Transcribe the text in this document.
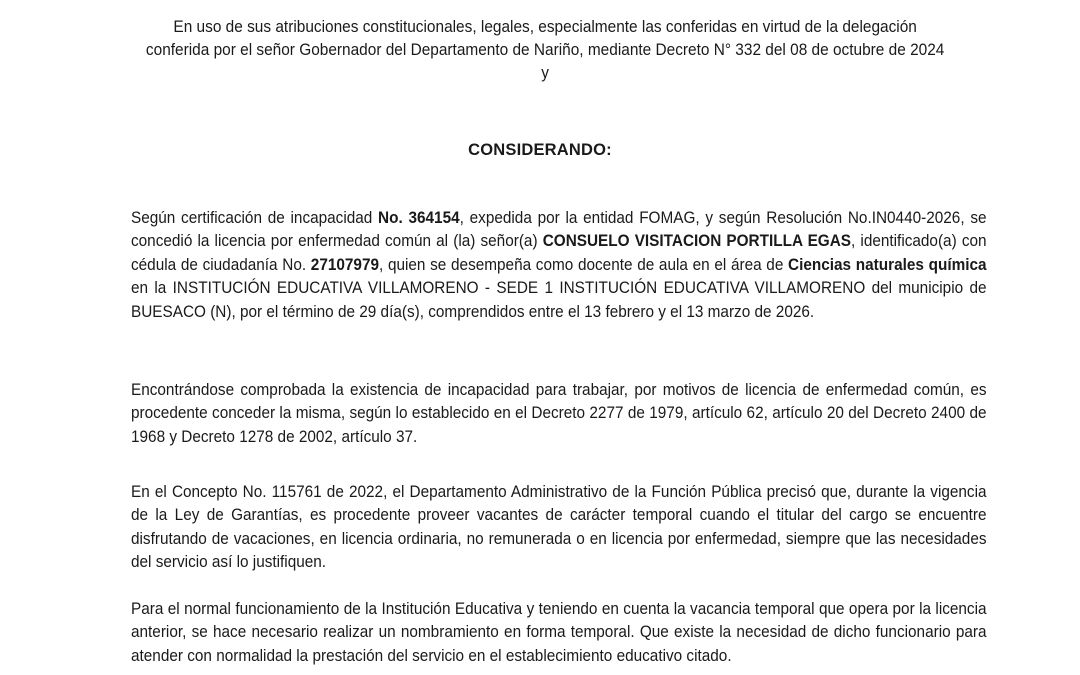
En uso de sus atribuciones constitucionales, legales, especialmente las conferidas en virtud de la delegación conferida por el señor Gobernador del Departamento de Nariño, mediante Decreto N° 332 del 08 de octubre de 2024 y
CONSIDERANDO:
Según certificación de incapacidad No. 364154, expedida por la entidad FOMAG, y según Resolución No.IN0440-2026, se concedió la licencia por enfermedad común al (la) señor(a) CONSUELO VISITACION PORTILLA EGAS, identificado(a) con cédula de ciudadanía No. 27107979, quien se desempeña como docente de aula en el área de Ciencias naturales química en la INSTITUCIÓN EDUCATIVA VILLAMORENO - SEDE 1 INSTITUCIÓN EDUCATIVA VILLAMORENO del municipio de BUESACO (N), por el término de 29 día(s), comprendidos entre el 13 febrero y el 13 marzo de 2026.
Encontrándose comprobada la existencia de incapacidad para trabajar, por motivos de licencia de enfermedad común, es procedente conceder la misma, según lo establecido en el Decreto 2277 de 1979, artículo 62, artículo 20 del Decreto 2400 de 1968 y Decreto 1278 de 2002, artículo 37.
En el Concepto No. 115761 de 2022, el Departamento Administrativo de la Función Pública precisó que, durante la vigencia de la Ley de Garantías, es procedente proveer vacantes de carácter temporal cuando el titular del cargo se encuentre disfrutando de vacaciones, en licencia ordinaria, no remunerada o en licencia por enfermedad, siempre que las necesidades del servicio así lo justifiquen.
Para el normal funcionamiento de la Institución Educativa y teniendo en cuenta la vacancia temporal que opera por la licencia anterior, se hace necesario realizar un nombramiento en forma temporal. Que existe la necesidad de dicho funcionario para atender con normalidad la prestación del servicio en el establecimiento educativo citado.
